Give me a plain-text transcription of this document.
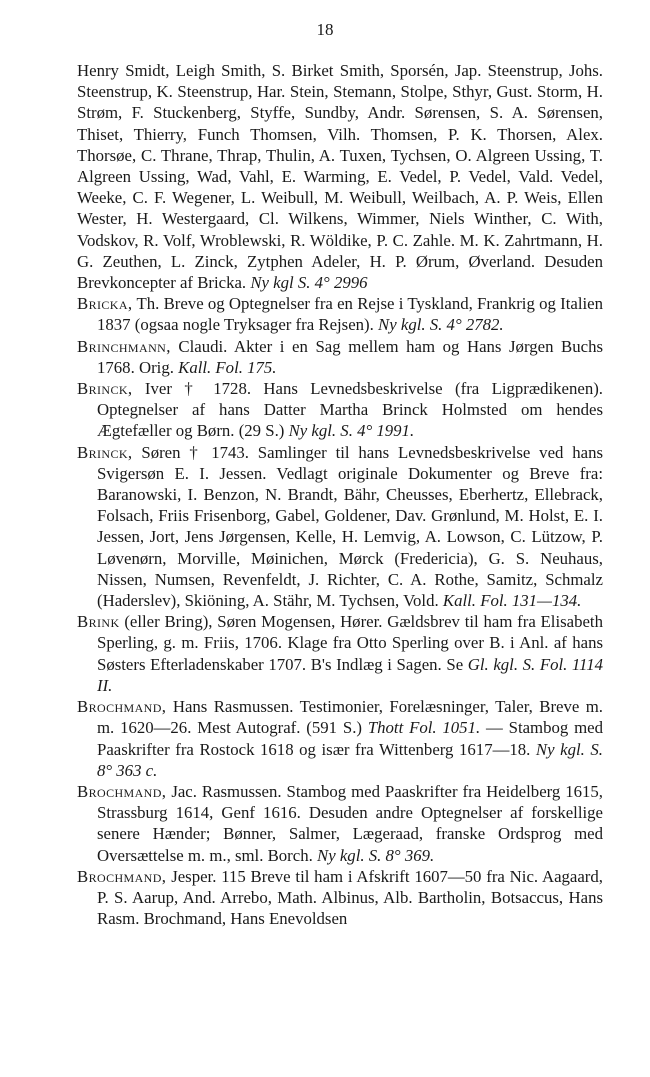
18

Henry Smidt, Leigh Smith, S. Birket Smith, Sporsén, Jap. Steenstrup, Johs. Steenstrup, K. Steenstrup, Har. Stein, Stemann, Stolpe, Sthyr, Gust. Storm, H. Strøm, F. Stuckenberg, Styffe, Sundby, Andr. Sørensen, S. A. Sørensen, Thiset, Thierry, Funch Thomsen, Vilh. Thomsen, P. K. Thorsen, Alex. Thorsøe, C. Thrane, Thrap, Thulin, A. Tuxen, Tychsen, O. Algreen Ussing, T. Algreen Ussing, Wad, Vahl, E. Warming, E. Vedel, P. Vedel, Vald. Vedel, Weeke, C. F. Wegener, L. Weibull, M. Weibull, Weilbach, A. P. Weis, Ellen Wester, H. Westergaard, Cl. Wilkens, Wimmer, Niels Winther, C. With, Vodskov, R. Volf, Wroblewski, R. Wöldike, P. C. Zahle. M. K. Zahrtmann, H. G. Zeuthen, L. Zinck, Zytphen Adeler, H. P. Ørum, Øverland. Desuden Brevkoncepter af Bricka. Ny kgl S. 4° 2996

Bricka, Th. Breve og Optegnelser fra en Rejse i Tyskland, Frankrig og Italien 1837 (ogsaa nogle Tryksager fra Rejsen). Ny kgl. S. 4° 2782.

Brinchmann, Claudi. Akter i en Sag mellem ham og Hans Jørgen Buchs 1768. Orig. Kall. Fol. 175.

Brinck, Iver † 1728. Hans Levnedsbeskrivelse (fra Ligprædikenen). Optegnelser af hans Datter Martha Brinck Holmsted om hendes Ægtefæller og Børn. (29 S.) Ny kgl. S. 4° 1991.

Brinck, Søren † 1743. Samlinger til hans Levnedsbeskrivelse ved hans Svigersøn E. I. Jessen. Vedlagt originale Dokumenter og Breve fra: Baranowski, I. Benzon, N. Brandt, Bähr, Cheusses, Eberhertz, Ellebrack, Folsach, Friis Frisenborg, Gabel, Goldener, Dav. Grønlund, M. Holst, E. I. Jessen, Jort, Jens Jørgensen, Kelle, H. Lemvig, A. Lowson, C. Lützow, P. Løvenørn, Morville, Møinichen, Mørck (Fredericia), G. S. Neuhaus, Nissen, Numsen, Revenfeldt, J. Richter, C. A. Rothe, Samitz, Schmalz (Haderslev), Skiöning, A. Stähr, M. Tychsen, Vold. Kall. Fol. 131—134.

Brink (eller Bring), Søren Mogensen, Hører. Gældsbrev til ham fra Elisabeth Sperling, g. m. Friis, 1706. Klage fra Otto Sperling over B. i Anl. af hans Søsters Efterladenskaber 1707. B's Indlæg i Sagen. Se Gl. kgl. S. Fol. 1114 II.

Brochmand, Hans Rasmussen. Testimonier, Forelæsninger, Taler, Breve m. m. 1620—26. Mest Autograf. (591 S.) Thott Fol. 1051. — Stambog med Paaskrifter fra Rostock 1618 og især fra Wittenberg 1617—18. Ny kgl. S. 8° 363 c.

Brochmand, Jac. Rasmussen. Stambog med Paaskrifter fra Heidelberg 1615, Strassburg 1614, Genf 1616. Desuden andre Optegnelser af forskellige senere Hænder; Bønner, Salmer, Lægeraad, franske Ordsprog med Oversættelse m. m., sml. Borch. Ny kgl. S. 8° 369.

Brochmand, Jesper. 115 Breve til ham i Afskrift 1607—50 fra Nic. Aagaard, P. S. Aarup, And. Arrebo, Math. Albinus, Alb. Bartholin, Botsaccus, Hans Rasm. Brochmand, Hans Enevoldsen
